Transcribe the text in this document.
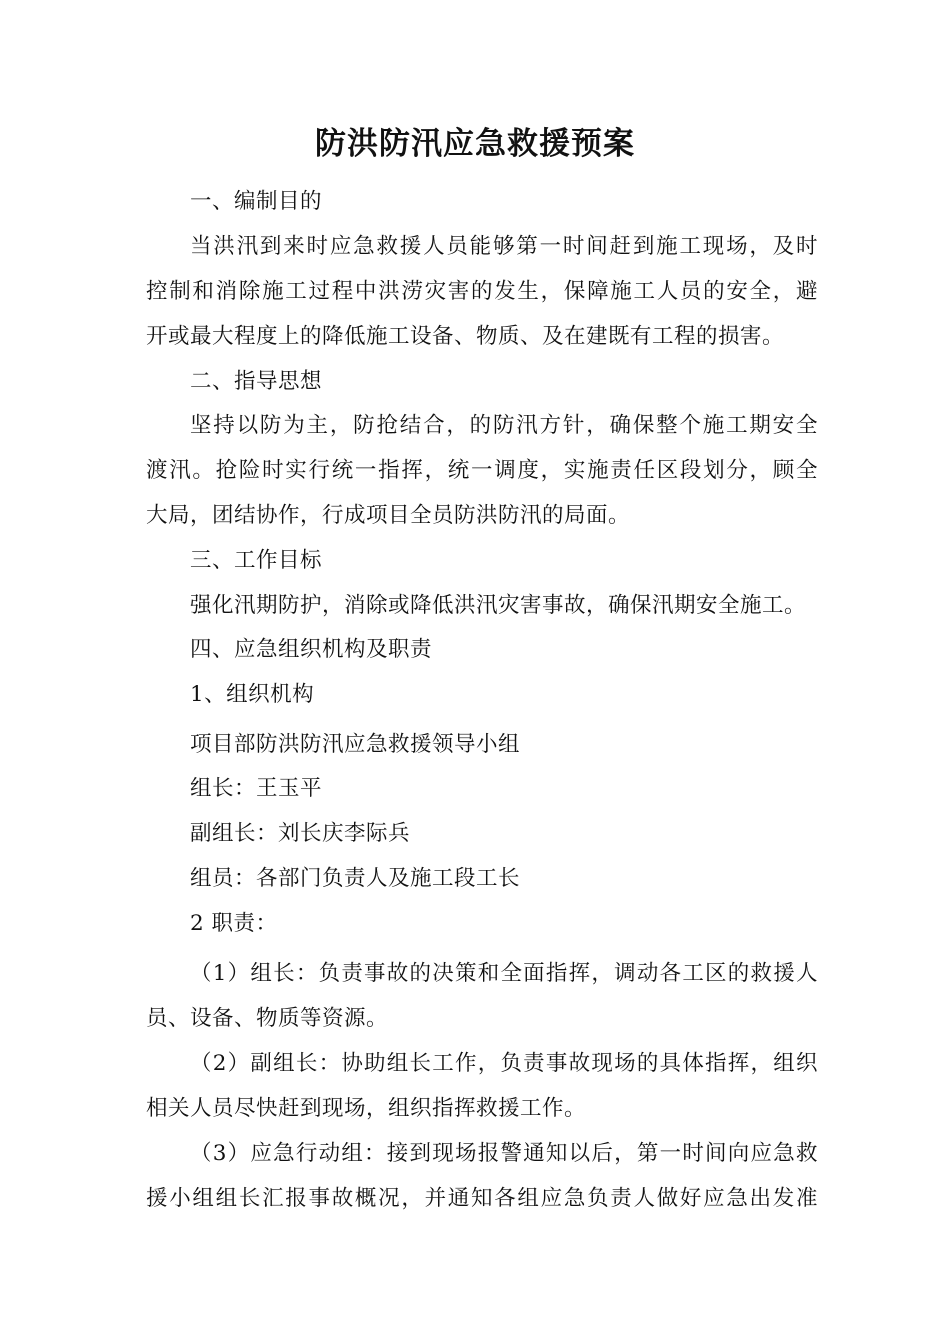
防洪防汛应急救援预案
一、编制目的
当洪汛到来时应急救援人员能够第一时间赶到施工现场，及时
控制和消除施工过程中洪涝灾害的发生，保障施工人员的安全，避
开或最大程度上的降低施工设备、物质、及在建既有工程的损害。
二、指导思想
坚持以防为主，防抢结合，的防汛方针，确保整个施工期安全
渡汛。抢险时实行统一指挥，统一调度，实施责任区段划分，顾全
大局，团结协作，行成项目全员防洪防汛的局面。
三、工作目标
强化汛期防护，消除或降低洪汛灾害事故，确保汛期安全施工。
四、应急组织机构及职责
1、组织机构
项目部防洪防汛应急救援领导小组
组长：王玉平
副组长：刘长庆李际兵
组员：各部门负责人及施工段工长
2 职责：
（1）组长：负责事故的决策和全面指挥，调动各工区的救援人
员、设备、物质等资源。
（2）副组长：协助组长工作，负责事故现场的具体指挥，组织
相关人员尽快赶到现场，组织指挥救援工作。
（3）应急行动组：接到现场报警通知以后，第一时间向应急救
援小组组长汇报事故概况，并通知各组应急负责人做好应急出发准
